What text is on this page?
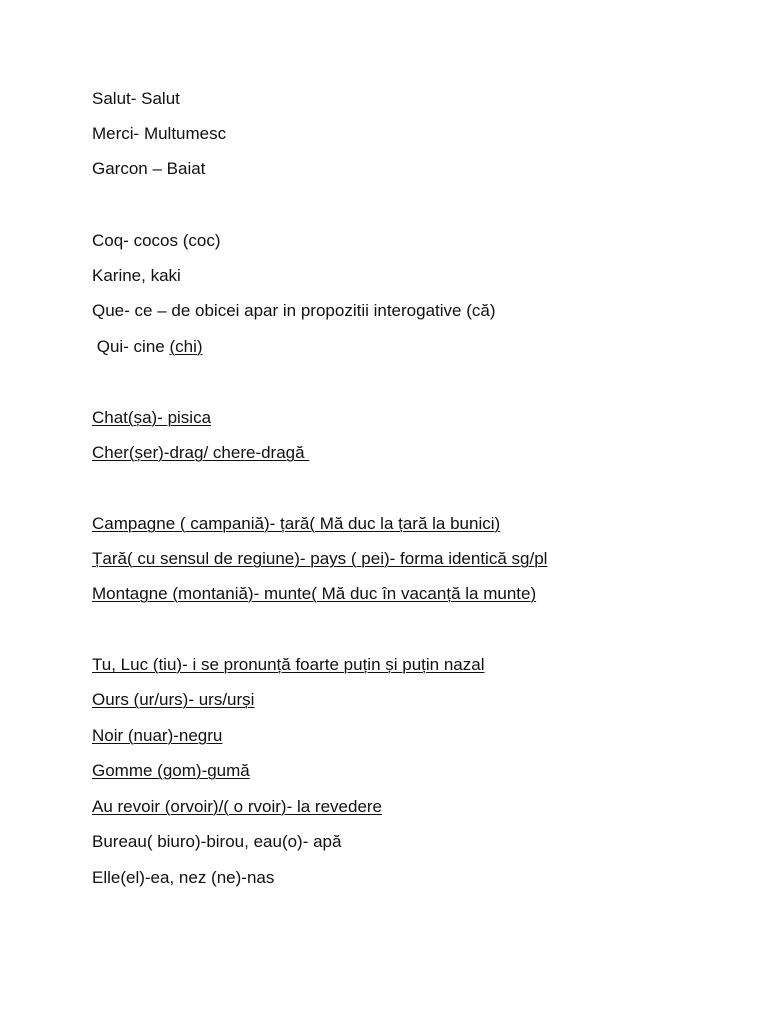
Salut- Salut

Merci- Multumesc

Garcon – Baiat

Coq- cocos (coc)

Karine, kaki

Que- ce – de obicei apar in propozitii interogative (că)

Qui- cine (chi)

Chat(șa)- pisica

Cher(șer)-drag/ chere-dragă

Campagne ( campaniă)- țară( Mă duc la țară la bunici)

Țară( cu sensul de regiune)- pays ( pei)- forma identică sg/pl

Montagne (montaniă)- munte( Mă duc în vacanță la munte)

Tu, Luc (tiu)- i se pronunță foarte puțin și puțin nazal

Ours (ur/urs)- urs/urși

Noir (nuar)-negru

Gomme (gom)-gumă

Au revoir (orvoir)/( o rvoir)- la revedere

Bureau( biuro)-birou, eau(o)- apă

Elle(el)-ea, nez (ne)-nas
